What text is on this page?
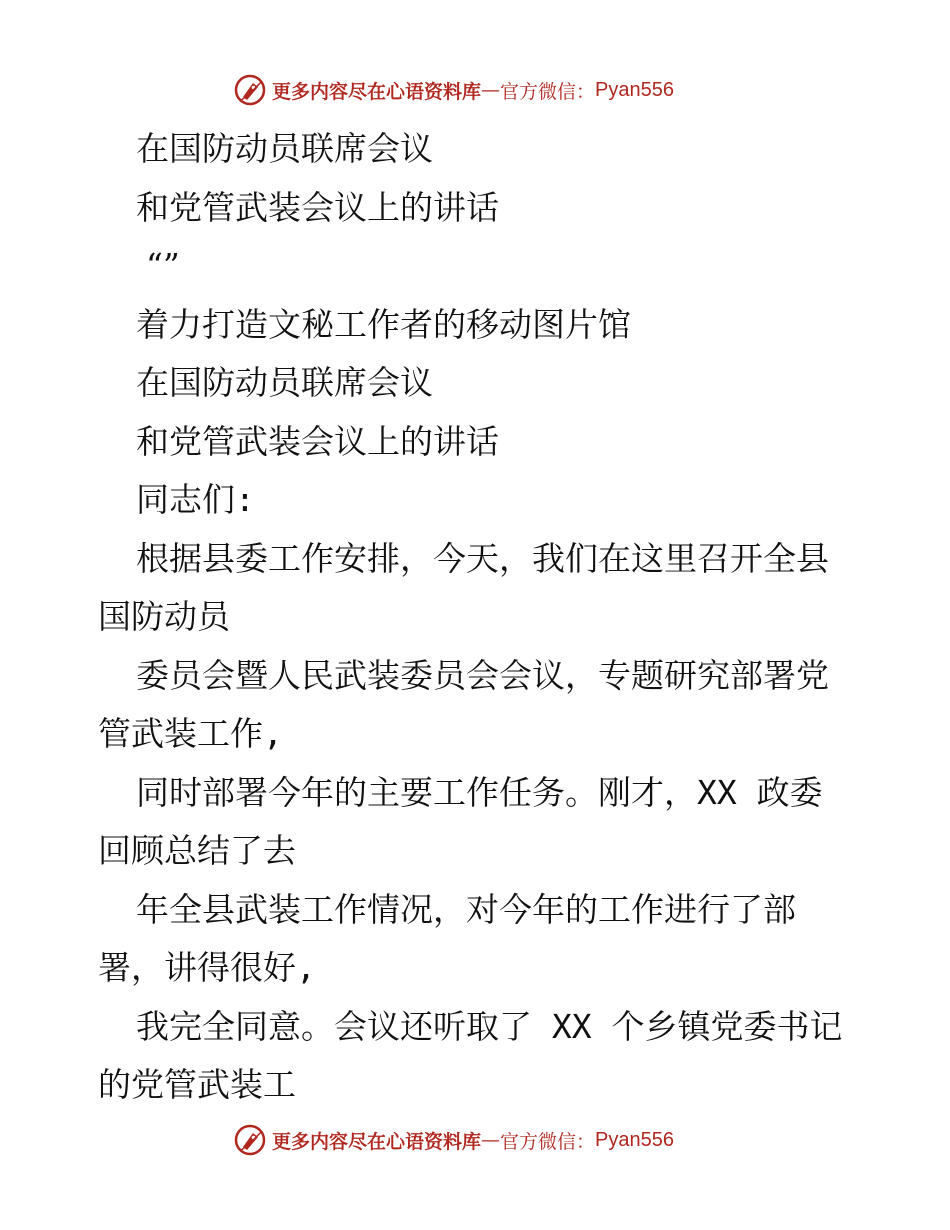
更多内容尽在心语资料库 — 官方微信： Pyan556
在国防动员联席会议
和党管武装会议上的讲话
“”
着力打造文秘工作者的移动图片馆
在国防动员联席会议
和党管武装会议上的讲话
同志们:
根据县委工作安排，今天，我们在这里召开全县
国防动员
委员会暨人民武装委员会会议，专题研究部署党
管武装工作,
同时部署今年的主要工作任务。刚才，XX 政委
回顾总结了去
年全县武装工作情况，对今年的工作进行了部
署，讲得很好,
我完全同意。会议还听取了 XX 个乡镇党委书记
的党管武装工
更多内容尽在心语资料库 — 官方微信： Pyan556
